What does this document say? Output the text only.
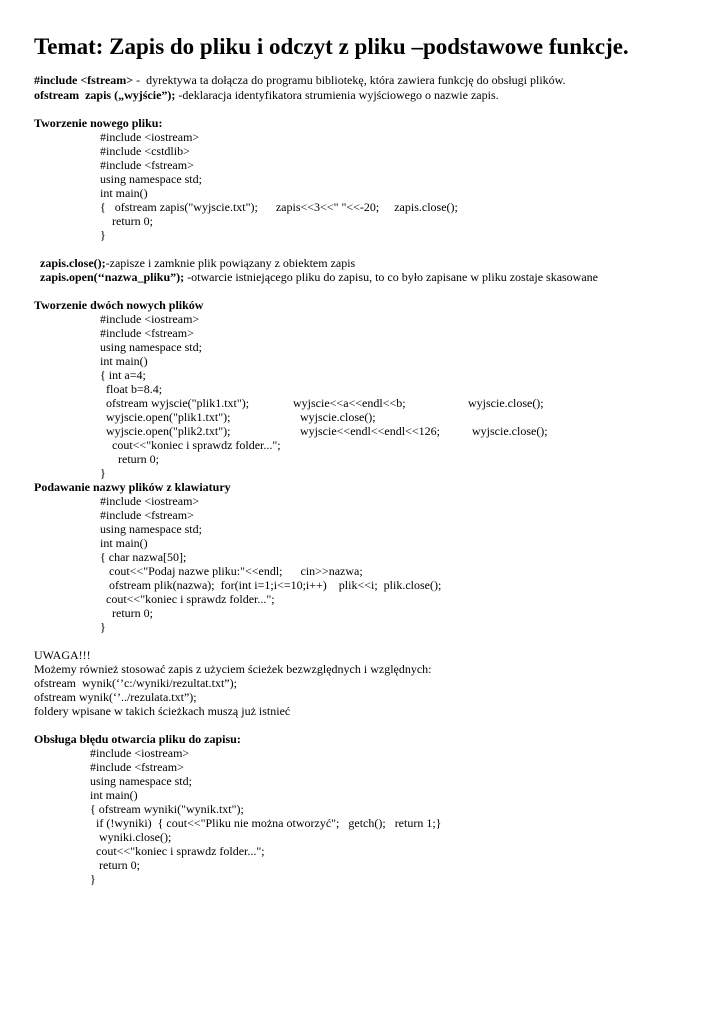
Temat: Zapis do pliku i odczyt z pliku –podstawowe funkcje.
#include <fstream> -  dyrektywa ta dołącza do programu bibliotekę, która zawiera funkcję do obsługi plików.
ofstream  zapis („wyjście”); -deklaracja identyfikatora strumienia wyjściowego o nazwie zapis.
Tworzenie nowego pliku:
#include <iostream>
#include <cstdlib>
#include <fstream>
using namespace std;
int main()
{   ofstream zapis("wyjscie.txt");      zapis<<3<<" "<<-20;     zapis.close();
return 0;
}
zapis.close();-zapisze i zamknie plik powiązany z obiektem zapis
zapis.open(‘‘nazwa_pliku”); -otwarcie istniejącego pliku do zapisu, to co było zapisane w pliku zostaje skasowane
Tworzenie dwóch nowych plików
#include <iostream>
#include <fstream>
using namespace std;
int main()
{ int a=4;
float b=8.4;
ofstream wyjscie("plik1.txt");
wyjscie.open("plik1.txt");
wyjscie.open("plik2.txt");
cout<<"koniec i sprawdz folder...";
return 0;
}
wyjscie<<a<<endl<<b;
wyjscie.close();
wyjscie<<endl<<endl<<126;
wyjscie.close();
wyjscie.close();
Podawanie nazwy plików z klawiatury
#include <iostream>
#include <fstream>
using namespace std;
int main()
{ char nazwa[50];
cout<<"Podaj nazwe pliku:"<<endl;      cin>>nazwa;
ofstream plik(nazwa);  for(int i=1;i<=10;i++)    plik<<i;  plik.close();
cout<<"koniec i sprawdz folder...";
return 0;
}
UWAGA!!!
Możemy również stosować zapis z użyciem ścieżek bezwzględnych i względnych:
ofstream  wynik(‘’c:/wyniki/rezultat.txt”);
ofstream wynik(‘’../rezulata.txt”);
foldery wpisane w takich ścieżkach muszą już istnieć
Obsługa błędu otwarcia pliku do zapisu:
#include <iostream>
#include <fstream>
using namespace std;
int main()
{ ofstream wyniki("wynik.txt");
if (!wyniki)  { cout<<"Pliku nie można otworzyć";   getch();   return 1;}
wyniki.close();
cout<<"koniec i sprawdz folder...";
return 0;
}
